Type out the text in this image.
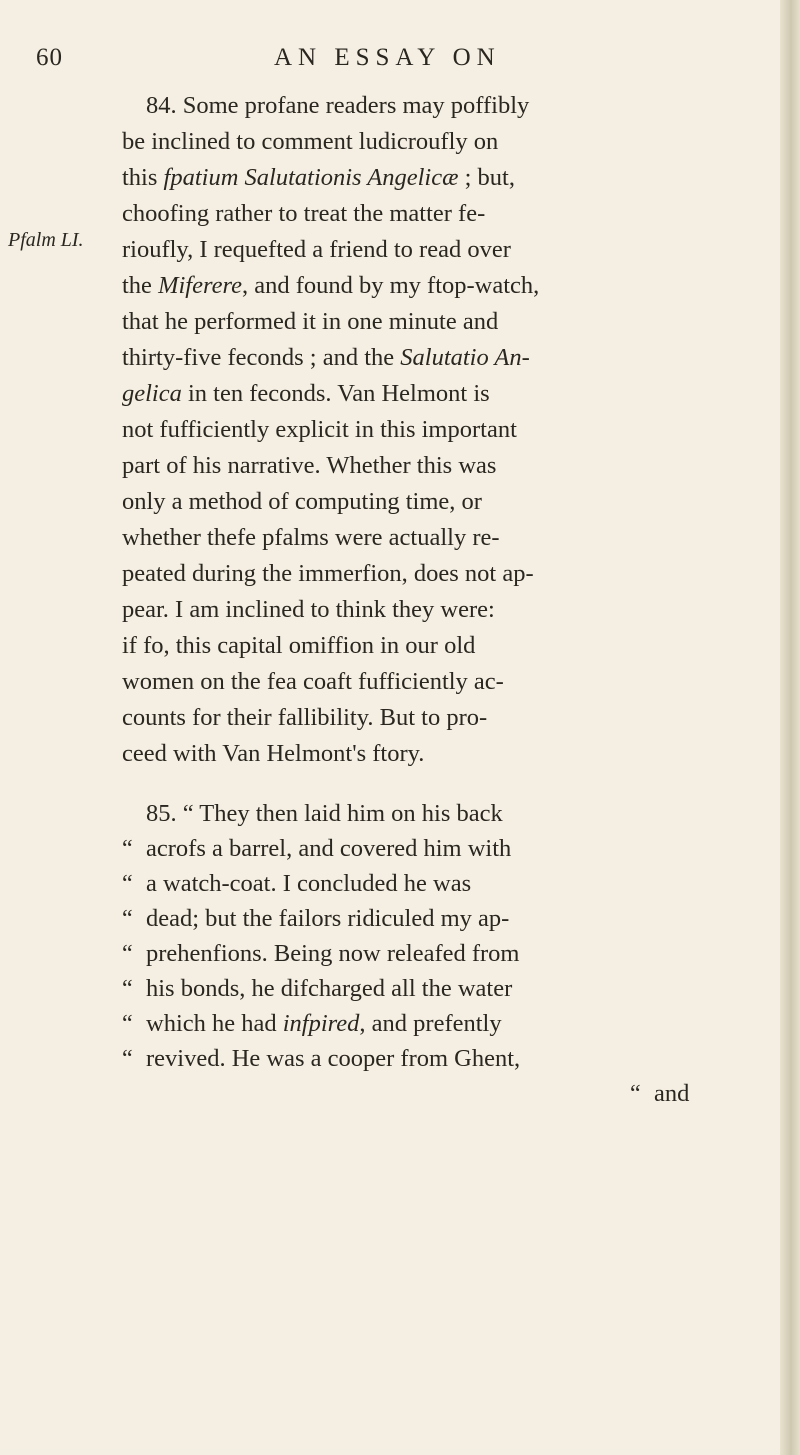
60	AN ESSAY ON
Pfalm LI.
84. Some profane readers may poffibly
be inclined to comment ludicroufly on
this fpatium Salutationis Angelicæ ; but,
choofing rather to treat the matter fe-
rioufly, I requefted a friend to read over
the Miferere, and found by my ftop-watch,
that he performed it in one minute and
thirty-five feconds ; and the Salutatio An-
gelica in ten feconds. Van Helmont is
not fufficiently explicit in this important
part of his narrative. Whether this was
only a method of computing time, or
whether thefe pfalms were actually re-
peated during the immerfion, does not ap-
pear. I am inclined to think they were:
if fo, this capital omiffion in our old
women on the fea coaft fufficiently ac-
counts for their fallibility. But to pro-
ceed with Van Helmont's ftory.
85. “ They then laid him on his back
“ acrofs a barrel, and covered him with
“ a watch-coat. I concluded he was
“ dead; but the failors ridiculed my ap-
“ prehenfions. Being now releafed from
“ his bonds, he difcharged all the water
“ which he had infpired, and prefently
“ revived. He was a cooper from Ghent,
“ and
